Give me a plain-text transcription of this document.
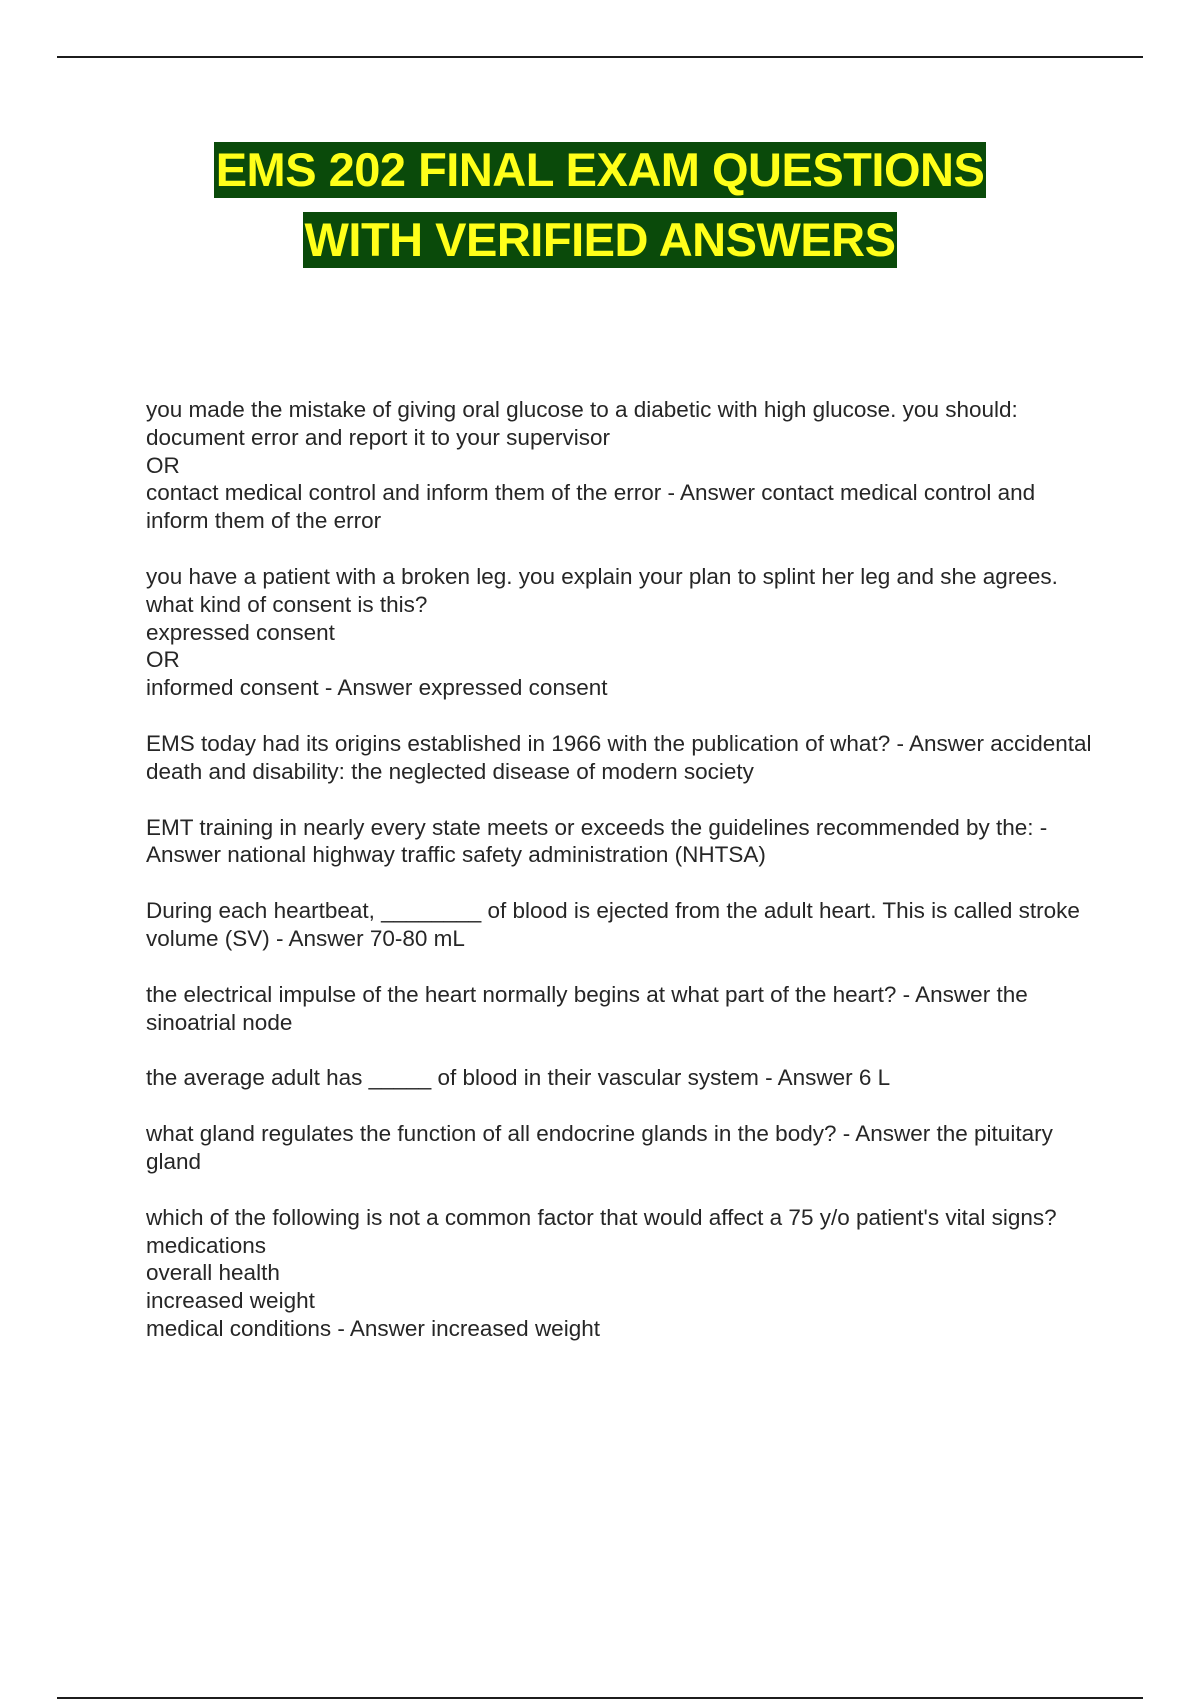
EMS 202 FINAL EXAM QUESTIONS
WITH VERIFIED ANSWERS
you made the mistake of giving oral glucose to a diabetic with high glucose. you should:
document error and report it to your supervisor
OR
contact medical control and inform them of the error - Answer contact medical control and inform them of the error
you have a patient with a broken leg. you explain your plan to splint her leg and she agrees. what kind of consent is this?
expressed consent
OR
informed consent - Answer expressed consent
EMS today had its origins established in 1966 with the publication of what? - Answer accidental death and disability: the neglected disease of modern society
EMT training in nearly every state meets or exceeds the guidelines recommended by the: - Answer national highway traffic safety administration (NHTSA)
During each heartbeat, ________ of blood is ejected from the adult heart. This is called stroke volume (SV) - Answer 70-80 mL
the electrical impulse of the heart normally begins at what part of the heart? - Answer the sinoatrial node
the average adult has _____ of blood in their vascular system - Answer 6 L
what gland regulates the function of all endocrine glands in the body? - Answer the pituitary gland
which of the following is not a common factor that would affect a 75 y/o patient's vital signs?
medications
overall health
increased weight
medical conditions - Answer increased weight
